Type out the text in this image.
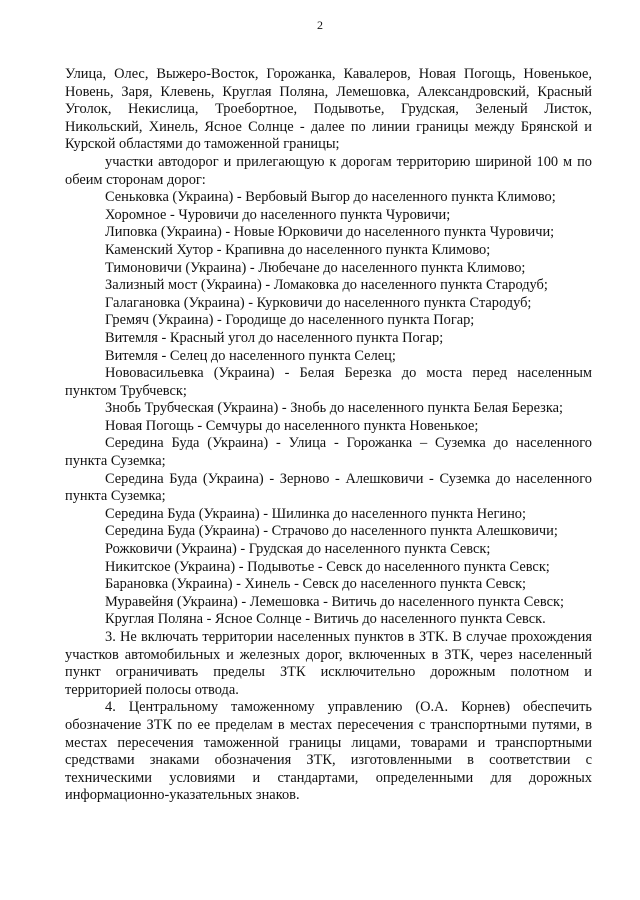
2

Улица, Олес, Выжеро-Восток, Горожанка, Кавалеров, Новая Погощь, Новенькое, Новень, Заря, Клевень, Круглая Поляна, Лемешовка, Александровский, Красный Уголок, Некислица, Троебортное, Подывотье, Грудская, Зеленый Листок, Никольский, Хинель, Ясное Солнце - далее по линии границы между Брянской и Курской областями до таможенной границы;

участки автодорог и прилегающую к дорогам территорию шириной 100 м по обеим сторонам дорог:

Сеньковка (Украина) - Вербовый Выгор до населенного пункта Климово;

Хоромное - Чуровичи до населенного пункта Чуровичи;

Липовка (Украина) - Новые Юрковичи до населенного пункта Чуровичи;

Каменский Хутор - Крапивна до населенного пункта Климово;

Тимоновичи (Украина) - Любечане до населенного пункта Климово;

Зализный мост (Украина) - Ломаковка до населенного пункта Стародуб;

Галагановка (Украина) - Курковичи до населенного пункта Стародуб;

Гремяч (Украина) - Городище до населенного пункта Погар;

Витемля - Красный угол до населенного пункта Погар;

Витемля - Селец до населенного пункта Селец;

Нововасильевка (Украина) - Белая Березка до моста перед населенным пунктом Трубчевск;

Знобь Трубческая (Украина) - Знобь до населенного пункта Белая Березка;

Новая Погощь - Семчуры до населенного пункта Новенькое;

Середина Буда (Украина) - Улица - Горожанка – Суземка до населенного пункта Суземка;

Середина Буда (Украина) - Зерново - Алешковичи - Суземка до населенного пункта Суземка;

Середина Буда (Украина) - Шилинка до населенного пункта Негино;

Середина Буда (Украина) - Страчово до населенного пункта Алешковичи;

Рожковичи (Украина) - Грудская до населенного пункта Севск;

Никитское (Украина) - Подывотье - Севск до населенного пункта Севск;

Барановка (Украина) - Хинель - Севск до населенного пункта Севск;

Муравейня (Украина) - Лемешовка - Витичь до населенного пункта Севск;

Круглая Поляна - Ясное Солнце - Витичь до населенного пункта Севск.

3. Не включать территории населенных пунктов в ЗТК. В случае прохождения участков автомобильных и железных дорог, включенных в ЗТК, через населенный пункт ограничивать пределы ЗТК исключительно дорожным полотном и территорией полосы отвода.

4. Центральному таможенному управлению (О.А. Корнев) обеспечить обозначение ЗТК по ее пределам в местах пересечения с транспортными путями, в местах пересечения таможенной границы лицами, товарами и транспортными средствами знаками обозначения ЗТК, изготовленными в соответствии с техническими условиями и стандартами, определенными для дорожных информационно-указательных знаков.
